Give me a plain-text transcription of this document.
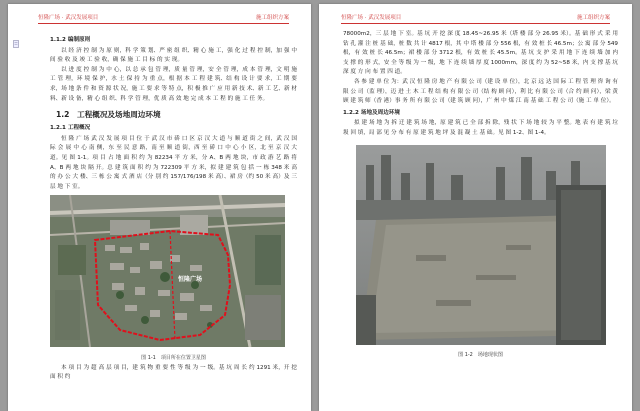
恒隆广场 · 武汉发展项目	施工组织方案
1.1.2 编制原则
以 经 济 控 制 为 原 则，科 学 策 划、严 密 组 织、精 心 施 工，强 化 过 程 控 制，加 强 中 间 验 收 及 竣 工 验 收，确 保 施 工 目 标 的 实 现。
以 进 度 控 制 为 中 心，以 总 承 包 管 理，质 量 管 理，安 全 管 理，成 本 管 理，文 明 施 工 管 理，环 境 保 护，水 土 保 持 为 重 点，根 据 本 工 程 建 筑、结 构 设 计 要 求，工 期 要 求，场 地 条 件 和 资 源 状 况，施 工 要 求 等 特 点，积 极 推 广 应 用 新 技 术、新 工 艺、新 材 料、新 设 备，精 心 组 织、科 学 管 理，优 质 高 效 地 完 成 本 工 程 的 施 工 任 务。
1.2　工程概况及场地周边环境
1.2.1 工程概况
恒 隆 广 场 武 汉 发 展 项 目 位 于 武 汉 市 硚 口 区 京 汉 大 道 与 顺 道 街 之 间，武 汉 国 际 会 展 中 心 南 侧，东 至 民 意 路，南 至 顺 道 街，西 至 硚 口 中 心 小 区，北 至 京 汉 大 道。见 图 1-1。项 目 占 地 面 积 约 为 82234 平 方 米，分 A、B 两 地 块，市 政 游 艺 路 将 A、B 两 地 块 隔 开。总 建 筑 面 积 约 为 722309 平 方 米，拟 建 建 筑 包 括 一 栋 348 米 高 的 办 公 大 楼、三 栋 公 寓 式 酒 店（分 别 约 157/176/198 米 高）、裙 房（约 50 米 高）及 三 层 地 下 室。
恒隆广场
图 1-1　项目所在位置卫星图
本 项 目 为 超 高 层 项 目，建 筑 物 重 要 性 等 级 为 一 级。基 坑 周 长 约 1291 米，开 挖 面 积 约
恒隆广场 · 武汉发展项目	施工组织方案
78000m2，三 层 地 下 室。基 坑 开 挖 深 度 18.45~26.95 米（塔 楼 部 分 26.95 米）。基 础 形 式 采 用 钻 孔 灌 注 桩 基 础，桩 数 共 计 4817 根，其 中 塔 楼 部 分 556 根，有 效 桩 长 46.5m；公 寓 部 分 549 根，有 效 桩 长 46.5m；裙 楼 部 分 3712 根，有 效 桩 长 45.5m。基 坑 支 护 采 用 地 下 连 续 墙 加 内 支 撑 的 形 式，安 全 等 级 为 一 级，地 下 连 续 墙 厚 度 1000mm，深 度 约 为 52~58 米，内 支 撑 基 坑 深 度 方 向 布 置 四 道。
各 参 建 单 位 为：武 汉 恒 隆 房 地 产 有 限 公 司（建 设 单 位），北 京 远 达 国 际 工 程 管 理 咨 询 有 限 公 司（监 理），迈 进 土 木 工 程 结 构 有 限 公 司（结 构 顾 问），利 比 有 限 公 司（合 约 顾 问），梁 黄 顾 建 筑 师（香 港）事 务 所 有 限 公 司（建 筑 顾 问），广 州 中 煤 江 南 基 础 工 程 公 司（施 工 单 位）。
1.2.2 场地及周边环境
拟 建 场 地 为 拆 迁 建 筑 场 地，原 建 筑 已 全 部 拆 除，残 状 下 场 地 较 为 平 整。地 表 有 建 筑 垃 圾 回 填，局 部 见 分 布 有 原 建 筑 地 坪 及 混 凝 土 基 础。见 图 1-2、图 1-4。
图 1-2　场地现状图
